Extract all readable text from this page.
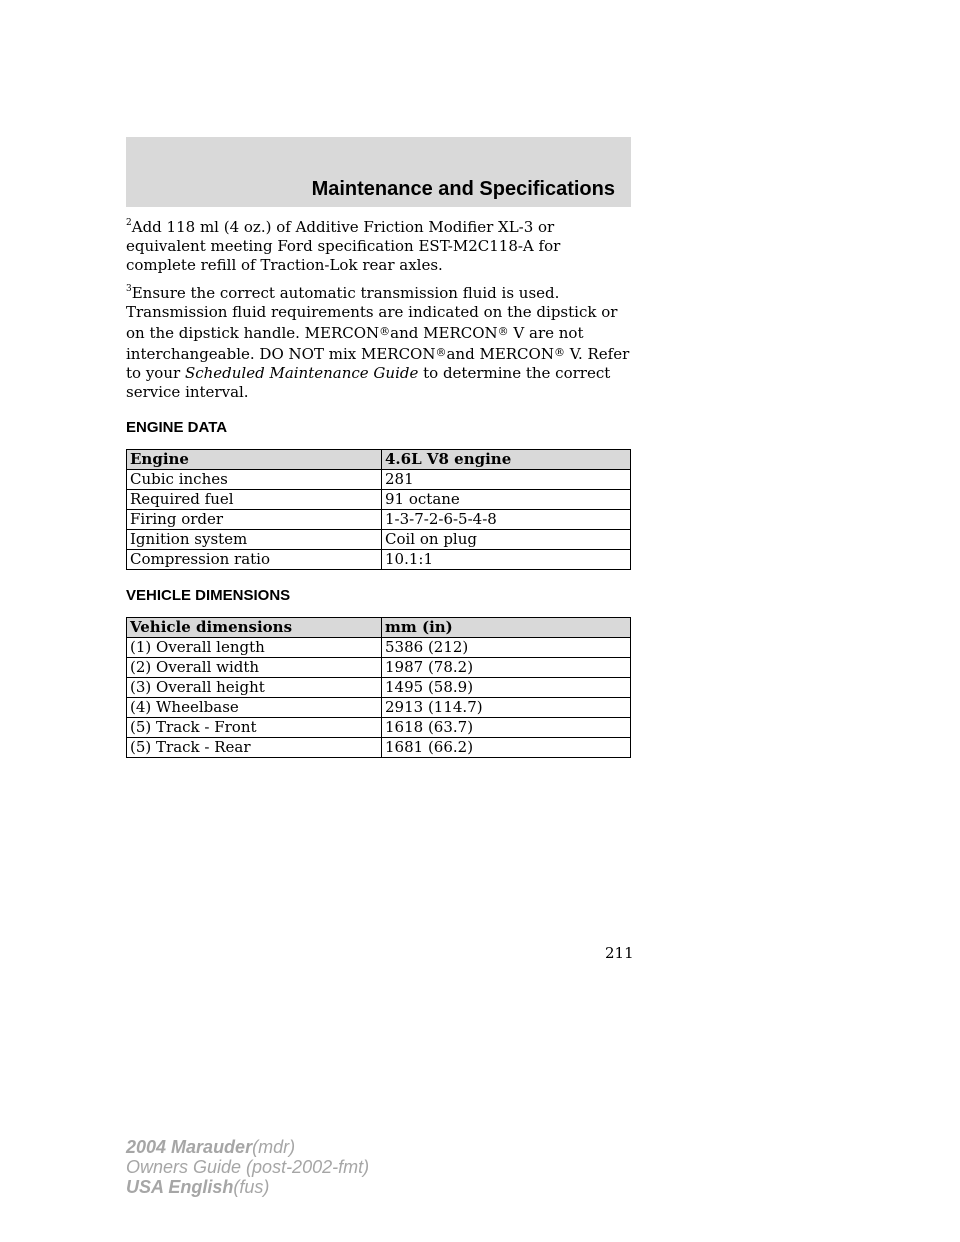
Maintenance and Specifications

$^2$Add 118 ml (4 oz.) of Additive Friction Modifier XL-3 or equivalent meeting Ford specification EST-M2C118-A for complete refill of Traction-Lok rear axles.

$^3$Ensure the correct automatic transmission fluid is used. Transmission fluid requirements are indicated on the dipstick or on the dipstick handle. MERCON®and MERCON® V are not interchangeable. DO NOT mix MERCON®and MERCON® V. Refer to your Scheduled Maintenance Guide to determine the correct service interval.

ENGINE DATA
Engine	4.6L V8 engine
Cubic inches	281
Required fuel	91 octane
Firing order	1-3-7-2-6-5-4-8
Ignition system	Coil on plug
Compression ratio	10.1:1
VEHICLE DIMENSIONS
Vehicle dimensions	mm (in)
(1) Overall length	5386 (212)
(2) Overall width	1987 (78.2)
(3) Overall height	1495 (58.9)
(4) Wheelbase	2913 (114.7)
(5) Track - Front	1618 (63.7)
(5) Track - Rear	1681 (66.2)
211
2004 Marauder(mdr)
Owners Guide (post-2002-fmt)
USA English(fus)
